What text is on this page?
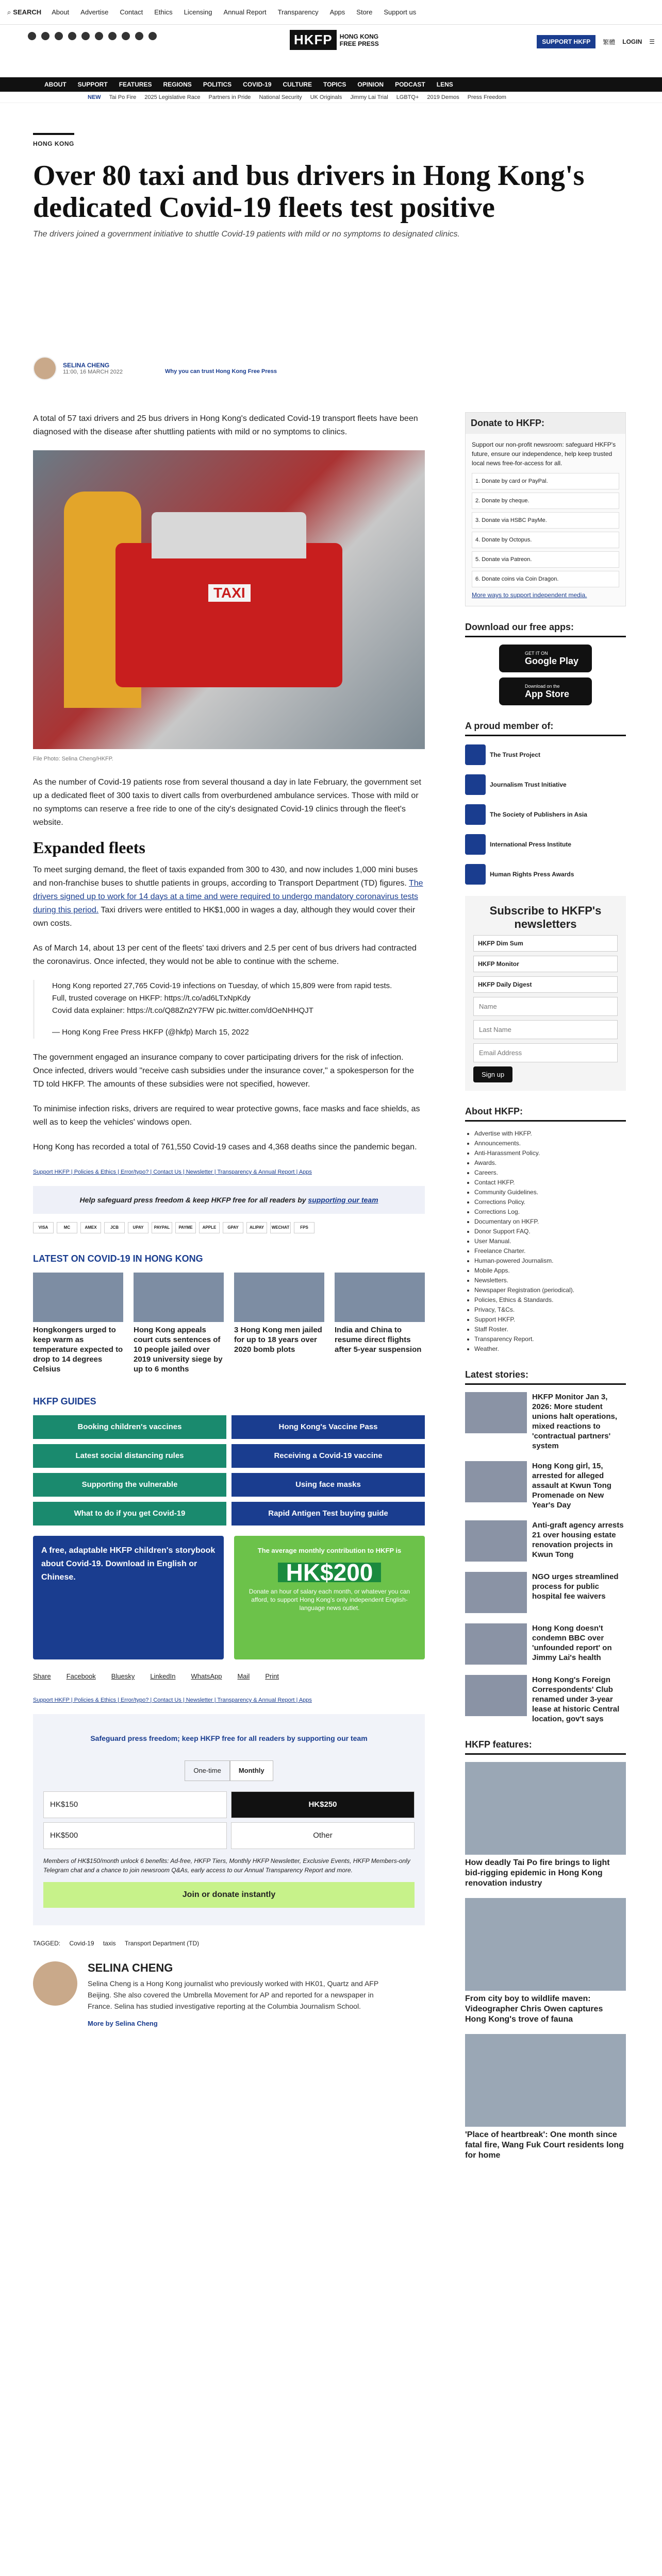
⌕ SEARCH About Advertise Contact Ethics Licensing Annual Report Transparency Apps Store Support us
HKFP	HONG KONG
FREE PRESS	SUPPORT HKFP	繁體 LOGIN ☰
ABOUT SUPPORT FEATURES REGIONS POLITICS COVID-19 CULTURE TOPICS OPINION PODCAST LENS
NEW Tai Po Fire 2025 Legislative Race Partners in Pride National Security UK Originals Jimmy Lai Trial LGBTQ+ 2019 Demos Press Freedom
HONG KONG
Over 80 taxi and bus drivers in Hong Kong's dedicated Covid-19 fleets test positive
The drivers joined a government initiative to shuttle Covid-19 patients with mild or no symptoms to designated clinics.
SELINA CHENG
11:00, 16 MARCH 2022	Why you can trust Hong Kong Free Press

A total of 57 taxi drivers and 25 bus drivers in Hong Kong's dedicated Covid-19 transport fleets have been diagnosed with the disease after shuttling patients with mild or no symptoms to clinics.

TAXI
File Photo: Selina Cheng/HKFP.

As the number of Covid-19 patients rose from several thousand a day in late February, the government set up a dedicated fleet of 300 taxis to divert calls from overburdened ambulance services. Those with mild or no symptoms can reserve a free ride to one of the city's designated Covid-19 clinics through the fleet's website.

Expanded fleets

To meet surging demand, the fleet of taxis expanded from 300 to 430, and now includes 1,000 mini buses and non-franchise buses to shuttle patients in groups, according to Transport Department (TD) figures. The drivers signed up to work for 14 days at a time and were required to undergo mandatory coronavirus tests during this period. Taxi drivers were entitled to HK$1,000 in wages a day, although they would cover their own costs.

As of March 14, about 13 per cent of the fleets' taxi drivers and 2.5 per cent of bus drivers had contracted the coronavirus. Once infected, they would not be able to continue with the scheme.

Hong Kong reported 27,765 Covid-19 infections on Tuesday, of which 15,809 were from rapid tests.
Full, trusted coverage on HKFP: https://t.co/ad6LTxNpKdy
Covid data explainer: https://t.co/Q88Zn2Y7FW pic.twitter.com/dOeNHHQJT
— Hong Kong Free Press HKFP (@hkfp) March 15, 2022

The government engaged an insurance company to cover participating drivers for the risk of infection. Once infected, drivers would "receive cash subsidies under the insurance cover," a spokesperson for the TD told HKFP. The amounts of these subsidies were not specified, however.

To minimise infection risks, drivers are required to wear protective gowns, face masks and face shields, as well as to keep the vehicles' windows open.

Hong Kong has recorded a total of 761,550 Covid-19 cases and 4,368 deaths since the pandemic began.

Support HKFP | Policies & Ethics | Error/typo? | Contact Us | Newsletter | Transparency & Annual Report | Apps
Help safeguard press freedom & keep HKFP free for all readers by supporting our team
VISA	MC	AMEX	JCB	UPAY	PAYPAL	PAYME	APPLE	GPAY	ALIPAY	WECHAT	FPS
LATEST ON COVID-19 IN HONG KONG
Hongkongers urged to keep warm as temperature expected to drop to 14 degrees Celsius
Hong Kong appeals court cuts sentences of 10 people jailed over 2019 university siege by up to 6 months
3 Hong Kong men jailed for up to 18 years over 2020 bomb plots
India and China to resume direct flights after 5-year suspension
HKFP GUIDES
Booking children's vaccines	Hong Kong's Vaccine Pass
Latest social distancing rules	Receiving a Covid-19 vaccine
Supporting the vulnerable	Using face masks
What to do if you get Covid-19	Rapid Antigen Test buying guide
A free, adaptable HKFP children's storybook about Covid-19. Download in English or Chinese.
The average monthly contribution to HKFP is
HK$200
Donate an hour of salary each month, or whatever you can afford, to support Hong Kong's only independent English-language news outlet.
Share Facebook Bluesky LinkedIn WhatsApp Mail Print
Support HKFP | Policies & Ethics | Error/typo? | Contact Us | Newsletter | Transparency & Annual Report | Apps
Safeguard press freedom; keep HKFP free for all readers by supporting our team
One-time	Monthly
HK$150	HK$250
HK$500	Other
Members of HK$150/month unlock 6 benefits: Ad-free, HKFP Tiers, Monthly HKFP Newsletter, Exclusive Events, HKFP Members-only Telegram chat and a chance to join newsroom Q&As, early access to our Annual Transparency Report and more.
Join or donate instantly
TAGGED: Covid-19 taxis Transport Department (TD)
SELINA CHENG
Selina Cheng is a Hong Kong journalist who previously worked with HK01, Quartz and AFP Beijing. She also covered the Umbrella Movement for AP and reported for a newspaper in France. Selina has studied investigative reporting at the Columbia Journalism School.
More by Selina Cheng
Donate to HKFP:
Support our non-profit newsroom: safeguard HKFP's future, ensure our independence, help keep trusted local news free-for-access for all.
1. Donate by card or PayPal.
2. Donate by cheque.
3. Donate via HSBC PayMe.
4. Donate by Octopus.
5. Donate via Patreon.
6. Donate coins via Coin Dragon.
More ways to support independent media.
Download our free apps:
GET IT ON
Google Play
Download on the
App Store
A proud member of:
The Trust Project
Journalism Trust Initiative
The Society of Publishers in Asia
International Press Institute
Human Rights Press Awards
Subscribe to HKFP's newsletters
HKFP Dim Sum
HKFP Monitor
HKFP Daily Digest
Name
Last Name
Email Address
Sign up
About HKFP:
• Advertise with HKFP.
• Announcements.
• Anti-Harassment Policy.
• Awards.
• Careers.
• Contact HKFP.
• Community Guidelines.
• Corrections Policy.
• Corrections Log.
• Documentary on HKFP.
• Donor Support FAQ.
• User Manual.
• Freelance Charter.
• Human-powered Journalism.
• Mobile Apps.
• Newsletters.
• Newspaper Registration (periodical).
• Policies, Ethics & Standards.
• Privacy, T&Cs.
• Support HKFP.
• Staff Roster.
• Transparency Report.
• Weather.
Latest stories:
HKFP Monitor Jan 3, 2026: More student unions halt operations, mixed reactions to 'contractual partners' system
Hong Kong girl, 15, arrested for alleged assault at Kwun Tong Promenade on New Year's Day
Anti-graft agency arrests 21 over housing estate renovation projects in Kwun Tong
NGO urges streamlined process for public hospital fee waivers
Hong Kong doesn't condemn BBC over 'unfounded report' on Jimmy Lai's health
Hong Kong's Foreign Correspondents' Club renamed under 3-year lease at historic Central location, gov't says
HKFP features:
How deadly Tai Po fire brings to light bid-rigging epidemic in Hong Kong renovation industry
From city boy to wildlife maven: Videographer Chris Owen captures Hong Kong's trove of fauna
'Place of heartbreak': One month since fatal fire, Wang Fuk Court residents long for home
